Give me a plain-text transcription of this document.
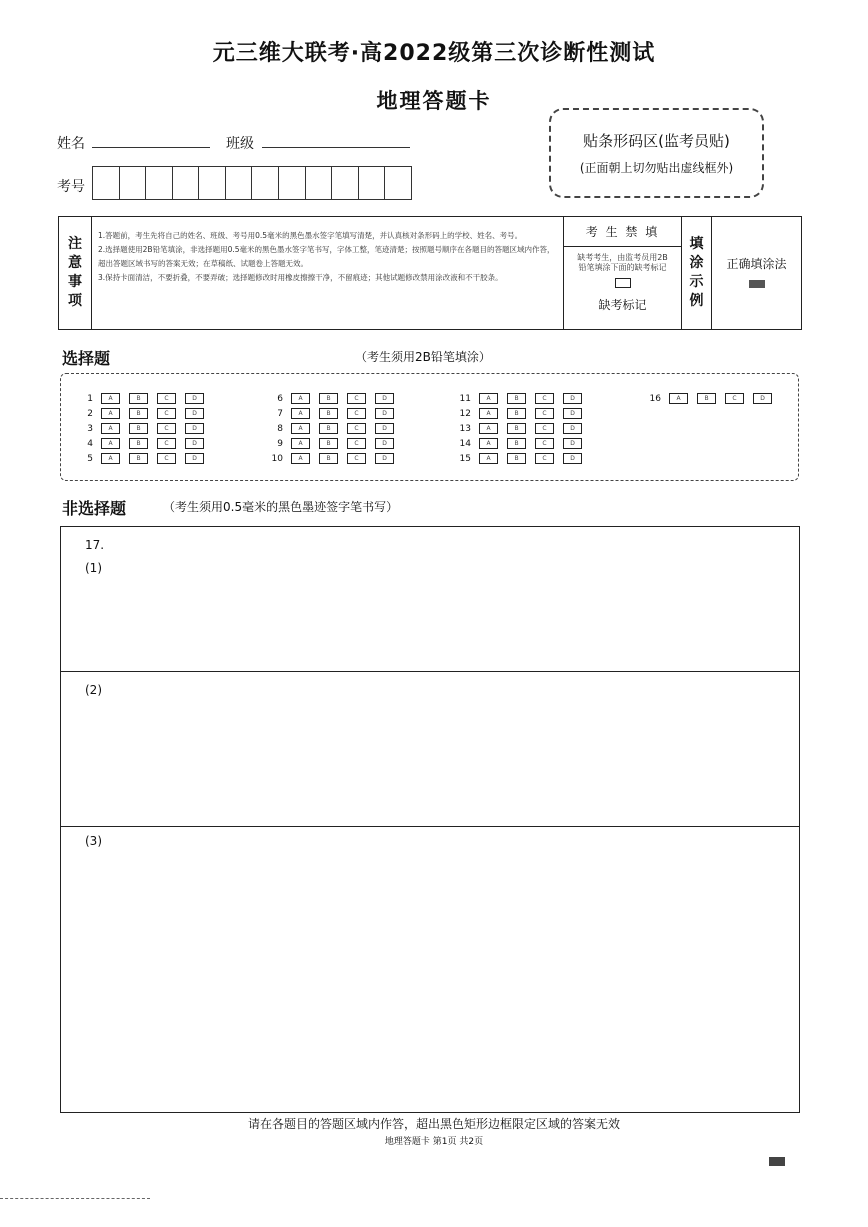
元三维大联考·高2022级第三次诊断性测试
地理答题卡
姓名	班级
考号
贴条形码区(监考员贴)
(正面朝上切勿贴出虚线框外)
注
意
事
项
1.答题前，考生先将自己的姓名、班级、考号用0.5毫米的黑色墨水签字笔填写清楚，并认真核对条形码上的学校、姓名、考号。
2.选择题使用2B铅笔填涂，非选择题用0.5毫米的黑色墨水签字笔书写，字体工整，笔迹清楚；按照题号顺序在各题目的答题区域内作答，超出答题区域书写的答案无效；在草稿纸、试题卷上答题无效。
3.保持卡面清洁，不要折叠，不要弄破；选择题修改时用橡皮擦擦干净，不留痕迹；其他试题修改禁用涂改液和不干胶条。
考 生 禁 填
缺考考生，由监考员用2B铅笔填涂下面的缺考标记
缺考标记
填
涂
示
例
正确填涂法
选择题	（考生须用2B铅笔填涂）
1	A	B	C	D
2	A	B	C	D
3	A	B	C	D
4	A	B	C	D
5	A	B	C	D
6	A	B	C	D
7	A	B	C	D
8	A	B	C	D
9	A	B	C	D
10	A	B	C	D
11	A	B	C	D
12	A	B	C	D
13	A	B	C	D
14	A	B	C	D
15	A	B	C	D
16	A	B	C	D
非选择题	（考生须用0.5毫米的黑色墨迹签字笔书写）
17.
(1)
(2)
(3)
请在各题目的答题区域内作答，超出黑色矩形边框限定区域的答案无效
地理答题卡 第1页 共2页
